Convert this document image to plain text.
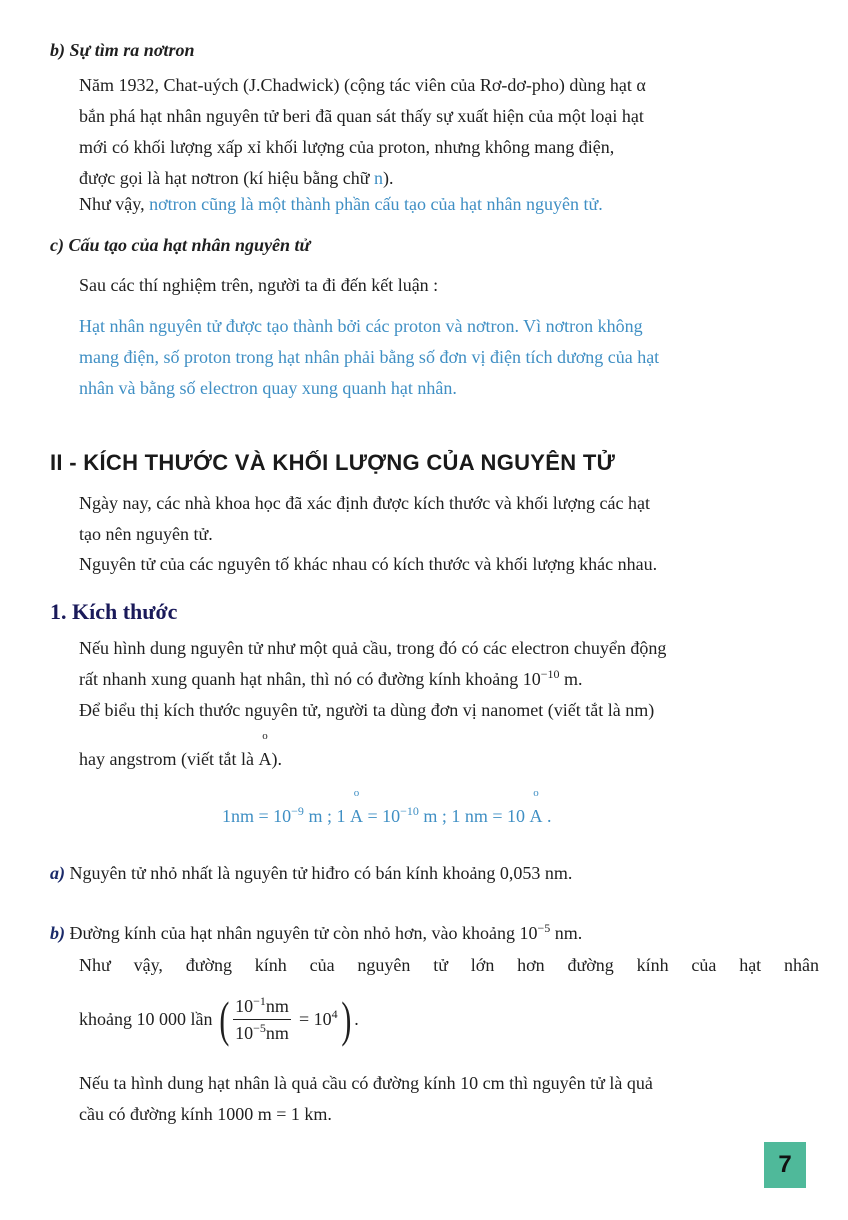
b) Sự tìm ra nơtron
Năm 1932, Chat-uých (J.Chadwick) (cộng tác viên của Rơ-dơ-pho) dùng hạt α
bắn phá hạt nhân nguyên tử beri đã quan sát thấy sự xuất hiện của một loại hạt
mới có khối lượng xấp xỉ khối lượng của proton, nhưng không mang điện,
được gọi là hạt nơtron (kí hiệu bằng chữ n).
Như vậy, nơtron cũng là một thành phần cấu tạo của hạt nhân nguyên tử.
c) Cấu tạo của hạt nhân nguyên tử
Sau các thí nghiệm trên, người ta đi đến kết luận :
Hạt nhân nguyên tử được tạo thành bởi các proton và nơtron. Vì nơtron không
mang điện, số proton trong hạt nhân phải bằng số đơn vị điện tích dương của hạt
nhân và bằng số electron quay xung quanh hạt nhân.
II - KÍCH THƯỚC VÀ KHỐI LƯỢNG CỦA NGUYÊN TỬ
Ngày nay, các nhà khoa học đã xác định được kích thước và khối lượng các hạt
tạo nên nguyên tử.
Nguyên tử của các nguyên tố khác nhau có kích thước và khối lượng khác nhau.
1. Kích thước
Nếu hình dung nguyên tử như một quả cầu, trong đó có các electron chuyển động
rất nhanh xung quanh hạt nhân, thì nó có đường kính khoảng $10^{-10}$ m.
Để biểu thị kích thước nguyên tử, người ta dùng đơn vị nanomet (viết tắt là nm)
hay angstrom (viết tắt là
o
A).
$1nm = 10^{-9}$ m ; 1
o
$A = 10^{-10}$ m ; 1 nm = 10
o
A .
a) Nguyên tử nhỏ nhất là nguyên tử hiđro có bán kính khoảng 0,053 nm.
b) Đường kính của hạt nhân nguyên tử còn nhỏ hơn, vào khoảng $10^{-5}$ nm.
Như vậy, đường kính của nguyên tử lớn hơn đường kính của hạt nhân
khoảng 10 000 lần ( $\frac{10^{-1}nm}{10^{-5}nm} = 10^4$ ) .
Nếu ta hình dung hạt nhân là quả cầu có đường kính 10 cm thì nguyên tử là quả
cầu có đường kính 1000 m = 1 km.
7
